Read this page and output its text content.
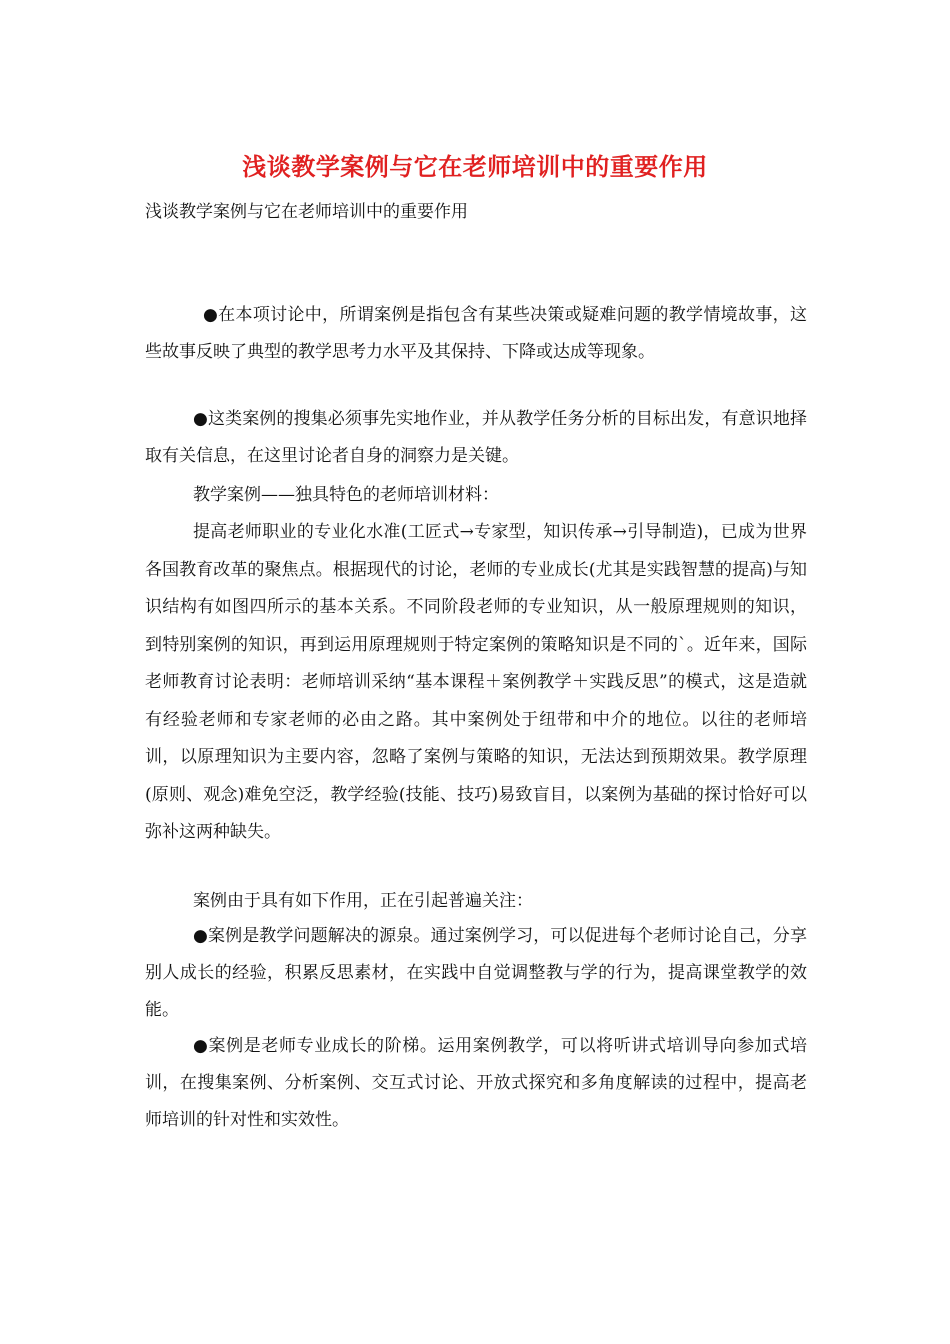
浅谈教学案例与它在老师培训中的重要作用
浅谈教学案例与它在老师培训中的重要作用

●在本项讨论中，所谓案例是指包含有某些决策或疑难问题的教学情境故事，这些故事反映了典型的教学思考力水平及其保持、下降或达成等现象。

●这类案例的搜集必须事先实地作业，并从教学任务分析的目标出发，有意识地择取有关信息，在这里讨论者自身的洞察力是关键。

教学案例——独具特色的老师培训材料：

提高老师职业的专业化水准(工匠式→专家型，知识传承→引导制造)，已成为世界各国教育改革的聚焦点。根据现代的讨论，老师的专业成长(尤其是实践智慧的提高)与知识结构有如图四所示的基本关系。不同阶段老师的专业知识，从一般原理规则的知识，到特别案例的知识，再到运用原理规则于特定案例的策略知识是不同的`。近年来，国际老师教育讨论表明：老师培训采纳“基本课程＋案例教学＋实践反思”的模式，这是造就有经验老师和专家老师的必由之路。其中案例处于纽带和中介的地位。以往的老师培训，以原理知识为主要内容，忽略了案例与策略的知识，无法达到预期效果。教学原理(原则、观念)难免空泛，教学经验(技能、技巧)易致盲目，以案例为基础的探讨恰好可以弥补这两种缺失。

案例由于具有如下作用，正在引起普遍关注：

●案例是教学问题解决的源泉。通过案例学习，可以促进每个老师讨论自己，分享别人成长的经验，积累反思素材，在实践中自觉调整教与学的行为，提高课堂教学的效能。

●案例是老师专业成长的阶梯。运用案例教学，可以将听讲式培训导向参加式培训，在搜集案例、分析案例、交互式讨论、开放式探究和多角度解读的过程中，提高老师培训的针对性和实效性。
